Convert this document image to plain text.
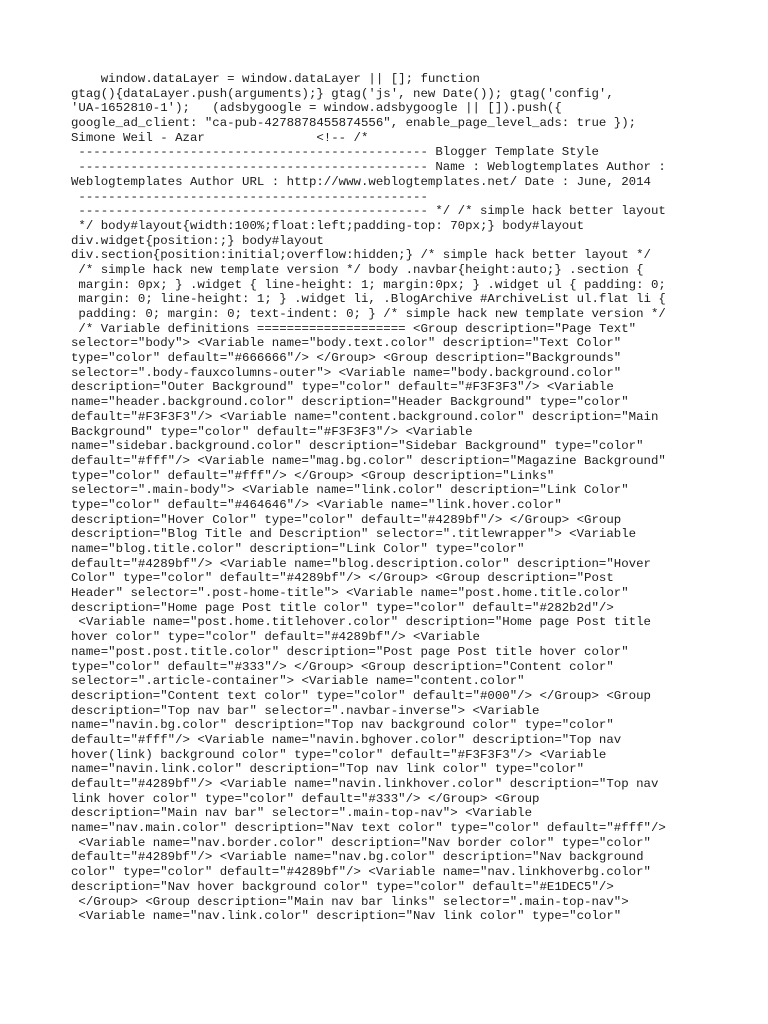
window.dataLayer = window.dataLayer || []; function
gtag(){dataLayer.push(arguments);} gtag('js', new Date()); gtag('config',
'UA-1652810-1');   (adsbygoogle = window.adsbygoogle || []).push({
google_ad_client: "ca-pub-4278878455874556", enable_page_level_ads: true });
Simone Weil - Azar               <!-- /*
----------------------------------------------- Blogger Template Style
----------------------------------------------- Name : Weblogtemplates Author :
Weblogtemplates Author URL : http://www.weblogtemplates.net/ Date : June, 2014
-----------------------------------------------
----------------------------------------------- */ /* simple hack better layout
*/ body#layout{width:100%;float:left;padding-top: 70px;} body#layout
div.widget{position:;} body#layout
div.section{position:initial;overflow:hidden;} /* simple hack better layout */
/* simple hack new template version */ body .navbar{height:auto;} .section {
margin: 0px; } .widget { line-height: 1; margin:0px; } .widget ul { padding: 0;
margin: 0; line-height: 1; } .widget li, .BlogArchive #ArchiveList ul.flat li {
padding: 0; margin: 0; text-indent: 0; } /* simple hack new template version */
/* Variable definitions ==================== <Group description="Page Text"
selector="body"> <Variable name="body.text.color" description="Text Color"
type="color" default="#666666"/> </Group> <Group description="Backgrounds"
selector=".body-fauxcolumns-outer"> <Variable name="body.background.color"
description="Outer Background" type="color" default="#F3F3F3"/> <Variable
name="header.background.color" description="Header Background" type="color"
default="#F3F3F3"/> <Variable name="content.background.color" description="Main
Background" type="color" default="#F3F3F3"/> <Variable
name="sidebar.background.color" description="Sidebar Background" type="color"
default="#fff"/> <Variable name="mag.bg.color" description="Magazine Background"
type="color" default="#fff"/> </Group> <Group description="Links"
selector=".main-body"> <Variable name="link.color" description="Link Color"
type="color" default="#464646"/> <Variable name="link.hover.color"
description="Hover Color" type="color" default="#4289bf"/> </Group> <Group
description="Blog Title and Description" selector=".titlewrapper"> <Variable
name="blog.title.color" description="Link Color" type="color"
default="#4289bf"/> <Variable name="blog.description.color" description="Hover
Color" type="color" default="#4289bf"/> </Group> <Group description="Post
Header" selector=".post-home-title"> <Variable name="post.home.title.color"
description="Home page Post title color" type="color" default="#282b2d"/>
<Variable name="post.home.titlehover.color" description="Home page Post title
hover color" type="color" default="#4289bf"/> <Variable
name="post.post.title.color" description="Post page Post title hover color"
type="color" default="#333"/> </Group> <Group description="Content color"
selector=".article-container"> <Variable name="content.color"
description="Content text color" type="color" default="#000"/> </Group> <Group
description="Top nav bar" selector=".navbar-inverse"> <Variable
name="navin.bg.color" description="Top nav background color" type="color"
default="#fff"/> <Variable name="navin.bghover.color" description="Top nav
hover(link) background color" type="color" default="#F3F3F3"/> <Variable
name="navin.link.color" description="Top nav link color" type="color"
default="#4289bf"/> <Variable name="navin.linkhover.color" description="Top nav
link hover color" type="color" default="#333"/> </Group> <Group
description="Main nav bar" selector=".main-top-nav"> <Variable
name="nav.main.color" description="Nav text color" type="color" default="#fff"/>
<Variable name="nav.border.color" description="Nav border color" type="color"
default="#4289bf"/> <Variable name="nav.bg.color" description="Nav background
color" type="color" default="#4289bf"/> <Variable name="nav.linkhoverbg.color"
description="Nav hover background color" type="color" default="#E1DEC5"/>
</Group> <Group description="Main nav bar links" selector=".main-top-nav">
<Variable name="nav.link.color" description="Nav link color" type="color"
